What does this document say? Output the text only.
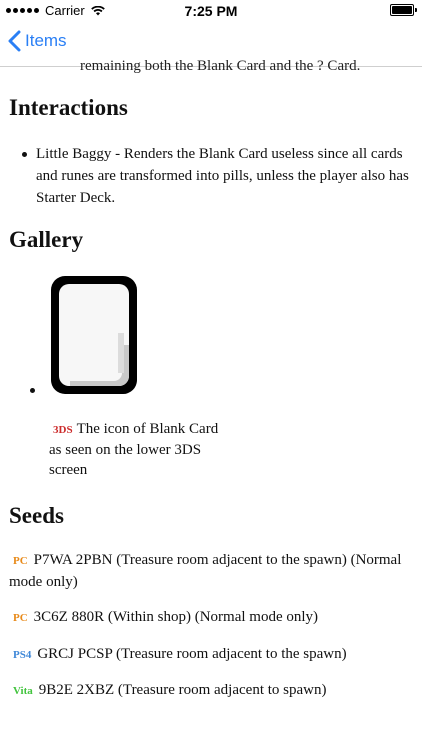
Carrier	7:25 PM
Items
remaining both the Blank Card and the ? Card.
Interactions
Little Baggy - Renders the Blank Card useless since all cards and runes are transformed into pills, unless the player also has Starter Deck.
Gallery
3DS The icon of Blank Card as seen on the lower 3DS screen
Seeds
PC P7WA 2PBN (Treasure room adjacent to the spawn) (Normal mode only)
PC 3C6Z 880R (Within shop) (Normal mode only)
PS4 GRCJ PCSP (Treasure room adjacent to the spawn)
Vita 9B2E 2XBZ (Treasure room adjacent to spawn)
